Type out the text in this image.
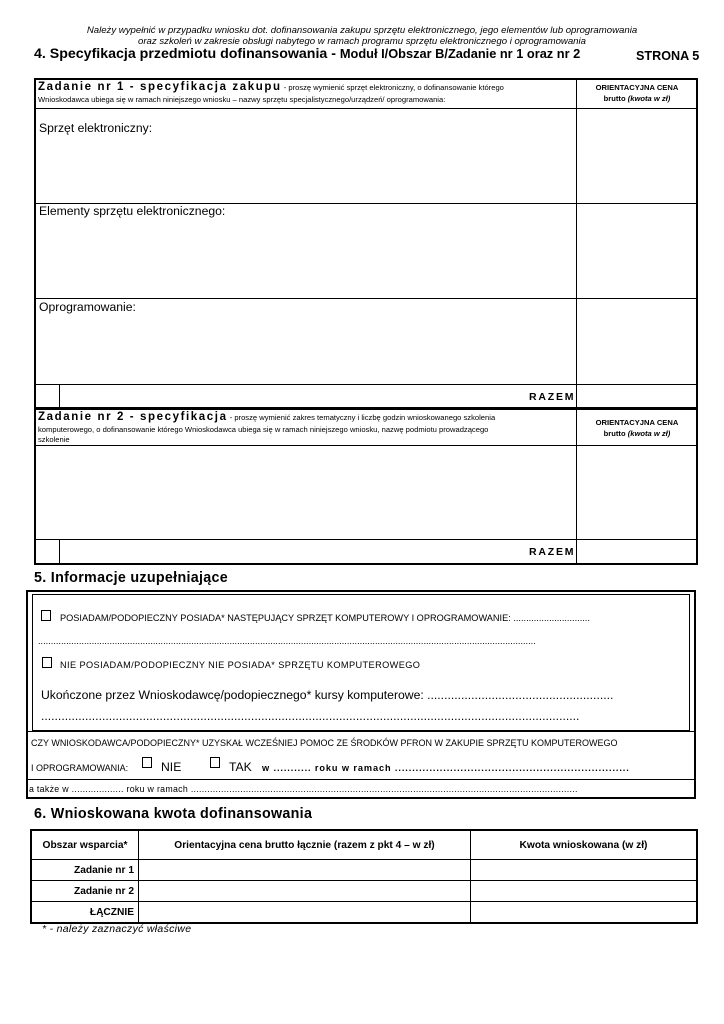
Należy wypełnić w przypadku wniosku dot. dofinansowania zakupu sprzętu elektronicznego, jego elementów lub oprogramowania
oraz szkoleń w zakresie obsługi nabytego w ramach programu sprzętu elektronicznego i oprogramowania
4. Specyfikacja przedmiotu dofinansowania - Moduł I/Obszar B/Zadanie nr 1 oraz nr 2	STRONA 5
Zadanie nr 1 - specyfikacja zakupu - proszę wymienić sprzęt elektroniczny, o dofinansowanie którego
Wnioskodawca ubiega się w ramach niniejszego wniosku – nazwy sprzętu specjalistycznego/urządzeń/ oprogramowania:
ORIENTACYJNA CENA
brutto (kwota w zł)
Sprzęt elektroniczny:
Elementy sprzętu elektronicznego:
Oprogramowanie:
RAZEM
Zadanie nr 2 - specyfikacja - proszę wymienić zakres tematyczny i liczbę godzin wnioskowanego szkolenia
komputerowego, o dofinansowanie którego Wnioskodawca ubiega się w ramach niniejszego wniosku, nazwę podmiotu prowadzącego
szkolenie
ORIENTACYJNA CENA
brutto (kwota w zł)
RAZEM
5. Informacje uzupełniające
POSIADAM/PODOPIECZNY POSIADA* NASTĘPUJĄCY SPRZĘT KOMPUTEROWY I OPROGRAMOWANIE: ..............................
...................................................................................................................................................................................................
NIE POSIADAM/PODOPIECZNY NIE POSIADA* SPRZĘTU KOMPUTEROWEGO
Ukończone przez Wnioskodawcę/podopiecznego* kursy komputerowe: .......................................................
...............................................................................................................................................................
CZY WNIOSKODAWCA/PODOPIECZNY* UZYSKAŁ WCZEŚNIEJ POMOC ZE ŚRODKÓW PFRON W ZAKUPIE SPRZĘTU KOMPUTEROWEGO
I OPROGRAMOWANIA:	NIE	TAK w ........... roku w ramach ....................................................................
a także w ................... roku w ramach .............................................................................................................................................
6. Wnioskowana kwota dofinansowania
Obszar wsparcia*	Orientacyjna cena brutto łącznie (razem z pkt 4 – w zł)	Kwota wnioskowana (w zł)
Zadanie nr 1		
Zadanie nr 2		
ŁĄCZNIE		
* - należy zaznaczyć właściwe
